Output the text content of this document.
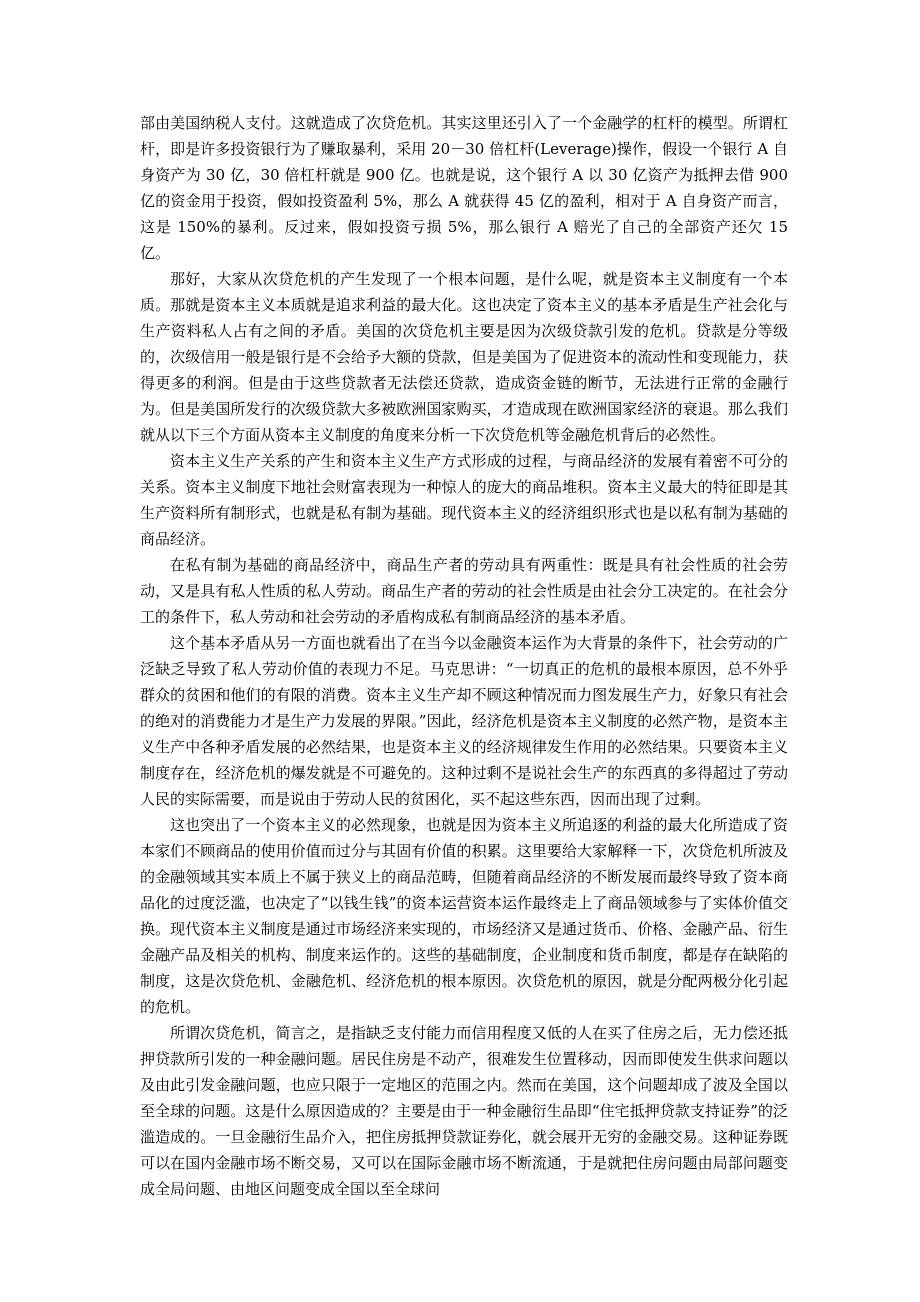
部由美国纳税人支付。这就造成了次贷危机。其实这里还引入了一个金融学的杠杆的模型。所谓杠杆，即是许多投资银行为了赚取暴利，采用 20－30 倍杠杆(Leverage)操作，假设一个银行 A 自身资产为 30 亿，30 倍杠杆就是 900 亿。也就是说，这个银行 A 以 30 亿资产为抵押去借 900 亿的资金用于投资，假如投资盈利 5%，那么 A 就获得 45 亿的盈利，相对于 A 自身资产而言，这是 150%的暴利。反过来，假如投资亏损 5%，那么银行 A 赔光了自己的全部资产还欠 15 亿。

那好，大家从次贷危机的产生发现了一个根本问题，是什么呢，就是资本主义制度有一个本质。那就是资本主义本质就是追求利益的最大化。这也决定了资本主义的基本矛盾是生产社会化与生产资料私人占有之间的矛盾。美国的次贷危机主要是因为次级贷款引发的危机。贷款是分等级的，次级信用一般是银行是不会给予大额的贷款，但是美国为了促进资本的流动性和变现能力，获得更多的利润。但是由于这些贷款者无法偿还贷款，造成资金链的断节，无法进行正常的金融行为。但是美国所发行的次级贷款大多被欧洲国家购买，才造成现在欧洲国家经济的衰退。那么我们就从以下三个方面从资本主义制度的角度来分析一下次贷危机等金融危机背后的必然性。

资本主义生产关系的产生和资本主义生产方式形成的过程，与商品经济的发展有着密不可分的关系。资本主义制度下地社会财富表现为一种惊人的庞大的商品堆积。资本主义最大的特征即是其生产资料所有制形式，也就是私有制为基础。现代资本主义的经济组织形式也是以私有制为基础的商品经济。

在私有制为基础的商品经济中，商品生产者的劳动具有两重性：既是具有社会性质的社会劳动，又是具有私人性质的私人劳动。商品生产者的劳动的社会性质是由社会分工决定的。在社会分工的条件下，私人劳动和社会劳动的矛盾构成私有制商品经济的基本矛盾。

这个基本矛盾从另一方面也就看出了在当今以金融资本运作为大背景的条件下，社会劳动的广泛缺乏导致了私人劳动价值的表现力不足。马克思讲：“一切真正的危机的最根本原因，总不外乎群众的贫困和他们的有限的消费。资本主义生产却不顾这种情况而力图发展生产力，好象只有社会的绝对的消费能力才是生产力发展的界限。”因此，经济危机是资本主义制度的必然产物，是资本主义生产中各种矛盾发展的必然结果，也是资本主义的经济规律发生作用的必然结果。只要资本主义制度存在，经济危机的爆发就是不可避免的。这种过剩不是说社会生产的东西真的多得超过了劳动人民的实际需要，而是说由于劳动人民的贫困化，买不起这些东西，因而出现了过剩。

这也突出了一个资本主义的必然现象，也就是因为资本主义所追逐的利益的最大化所造成了资本家们不顾商品的使用价值而过分与其固有价值的积累。这里要给大家解释一下，次贷危机所波及的金融领域其实本质上不属于狭义上的商品范畴，但随着商品经济的不断发展而最终导致了资本商品化的过度泛滥，也决定了“以钱生钱”的资本运营资本运作最终走上了商品领域参与了实体价值交换。现代资本主义制度是通过市场经济来实现的，市场经济又是通过货币、价格、金融产品、衍生金融产品及相关的机构、制度来运作的。这些的基础制度，企业制度和货币制度，都是存在缺陷的制度，这是次贷危机、金融危机、经济危机的根本原因。次贷危机的原因，就是分配两极分化引起的危机。

所谓次贷危机，简言之，是指缺乏支付能力而信用程度又低的人在买了住房之后，无力偿还抵押贷款所引发的一种金融问题。居民住房是不动产，很难发生位置移动，因而即使发生供求问题以及由此引发金融问题，也应只限于一定地区的范围之内。然而在美国，这个问题却成了波及全国以至全球的问题。这是什么原因造成的？主要是由于一种金融衍生品即“住宅抵押贷款支持证券”的泛滥造成的。一旦金融衍生品介入，把住房抵押贷款证券化，就会展开无穷的金融交易。这种证券既可以在国内金融市场不断交易，又可以在国际金融市场不断流通，于是就把住房问题由局部问题变成全局问题、由地区问题变成全国以至全球问
